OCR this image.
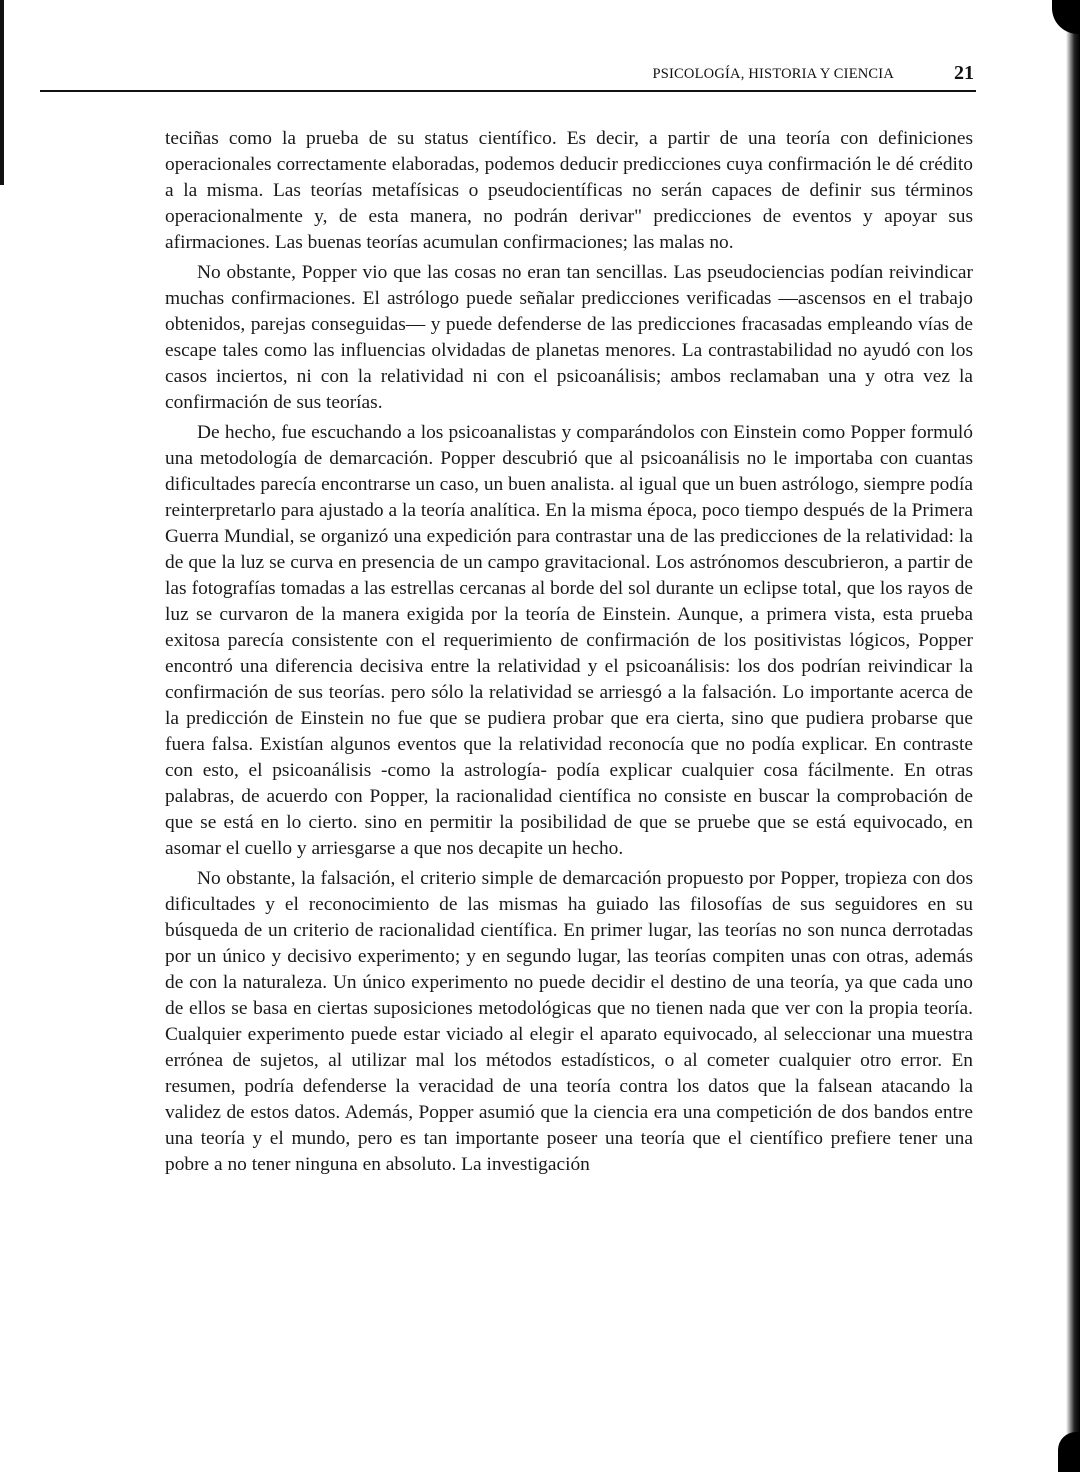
PSICOLOGÍA, HISTORIA Y CIENCIA	21

teciñas como la prueba de su status científico. Es decir, a partir de una teoría con definiciones operacionales correctamente elaboradas, podemos deducir predicciones cuya confirmación le dé crédito a la misma. Las teorías metafísicas o pseudocientíficas no serán capaces de definir sus términos operacionalmente y, de esta manera, no podrán derivar" predicciones de eventos y apoyar sus afirmaciones. Las buenas teorías acumulan confirmaciones; las malas no.

No obstante, Popper vio que las cosas no eran tan sencillas. Las pseudociencias podían reivindicar muchas confirmaciones. El astrólogo puede señalar predicciones verificadas —ascensos en el trabajo obtenidos, parejas conseguidas— y puede defenderse de las predicciones fracasadas empleando vías de escape tales como las influencias olvidadas de planetas menores. La contrastabilidad no ayudó con los casos inciertos, ni con la relatividad ni con el psicoanálisis; ambos reclamaban una y otra vez la confirmación de sus teorías.

De hecho, fue escuchando a los psicoanalistas y comparándolos con Einstein como Popper formuló una metodología de demarcación. Popper descubrió que al psicoanálisis no le importaba con cuantas dificultades parecía encontrarse un caso, un buen analista. al igual que un buen astrólogo, siempre podía reinterpretarlo para ajustado a la teoría analítica. En la misma época, poco tiempo después de la Primera Guerra Mundial, se organizó una expedición para contrastar una de las predicciones de la relatividad: la de que la luz se curva en presencia de un campo gravitacional. Los astrónomos descubrieron, a partir de las fotografías tomadas a las estrellas cercanas al borde del sol durante un eclipse total, que los rayos de luz se curvaron de la manera exigida por la teoría de Einstein. Aunque, a primera vista, esta prueba exitosa parecía consistente con el requerimiento de confirmación de los positivistas lógicos, Popper encontró una diferencia decisiva entre la relatividad y el psicoanálisis: los dos podrían reivindicar la confirmación de sus teorías. pero sólo la relatividad se arriesgó a la falsación. Lo importante acerca de la predicción de Einstein no fue que se pudiera probar que era cierta, sino que pudiera probarse que fuera falsa. Existían algunos eventos que la relatividad reconocía que no podía explicar. En contraste con esto, el psicoanálisis -como la astrología- podía explicar cualquier cosa fácilmente. En otras palabras, de acuerdo con Popper, la racionalidad científica no consiste en buscar la comprobación de que se está en lo cierto. sino en permitir la posibilidad de que se pruebe que se está equivocado, en asomar el cuello y arriesgarse a que nos decapite un hecho.

No obstante, la falsación, el criterio simple de demarcación propuesto por Popper, tropieza con dos dificultades y el reconocimiento de las mismas ha guiado las filosofías de sus seguidores en su búsqueda de un criterio de racionalidad científica. En primer lugar, las teorías no son nunca derrotadas por un único y decisivo experimento; y en segundo lugar, las teorías compiten unas con otras, además de con la naturaleza. Un único experimento no puede decidir el destino de una teoría, ya que cada uno de ellos se basa en ciertas suposiciones metodológicas que no tienen nada que ver con la propia teoría. Cualquier experimento puede estar viciado al elegir el aparato equivocado, al seleccionar una muestra errónea de sujetos, al utilizar mal los métodos estadísticos, o al cometer cualquier otro error. En resumen, podría defenderse la veracidad de una teoría contra los datos que la falsean atacando la validez de estos datos. Además, Popper asumió que la ciencia era una competición de dos bandos entre una teoría y el mundo, pero es tan importante poseer una teoría que el científico prefiere tener una pobre a no tener ninguna en absoluto. La investigación
